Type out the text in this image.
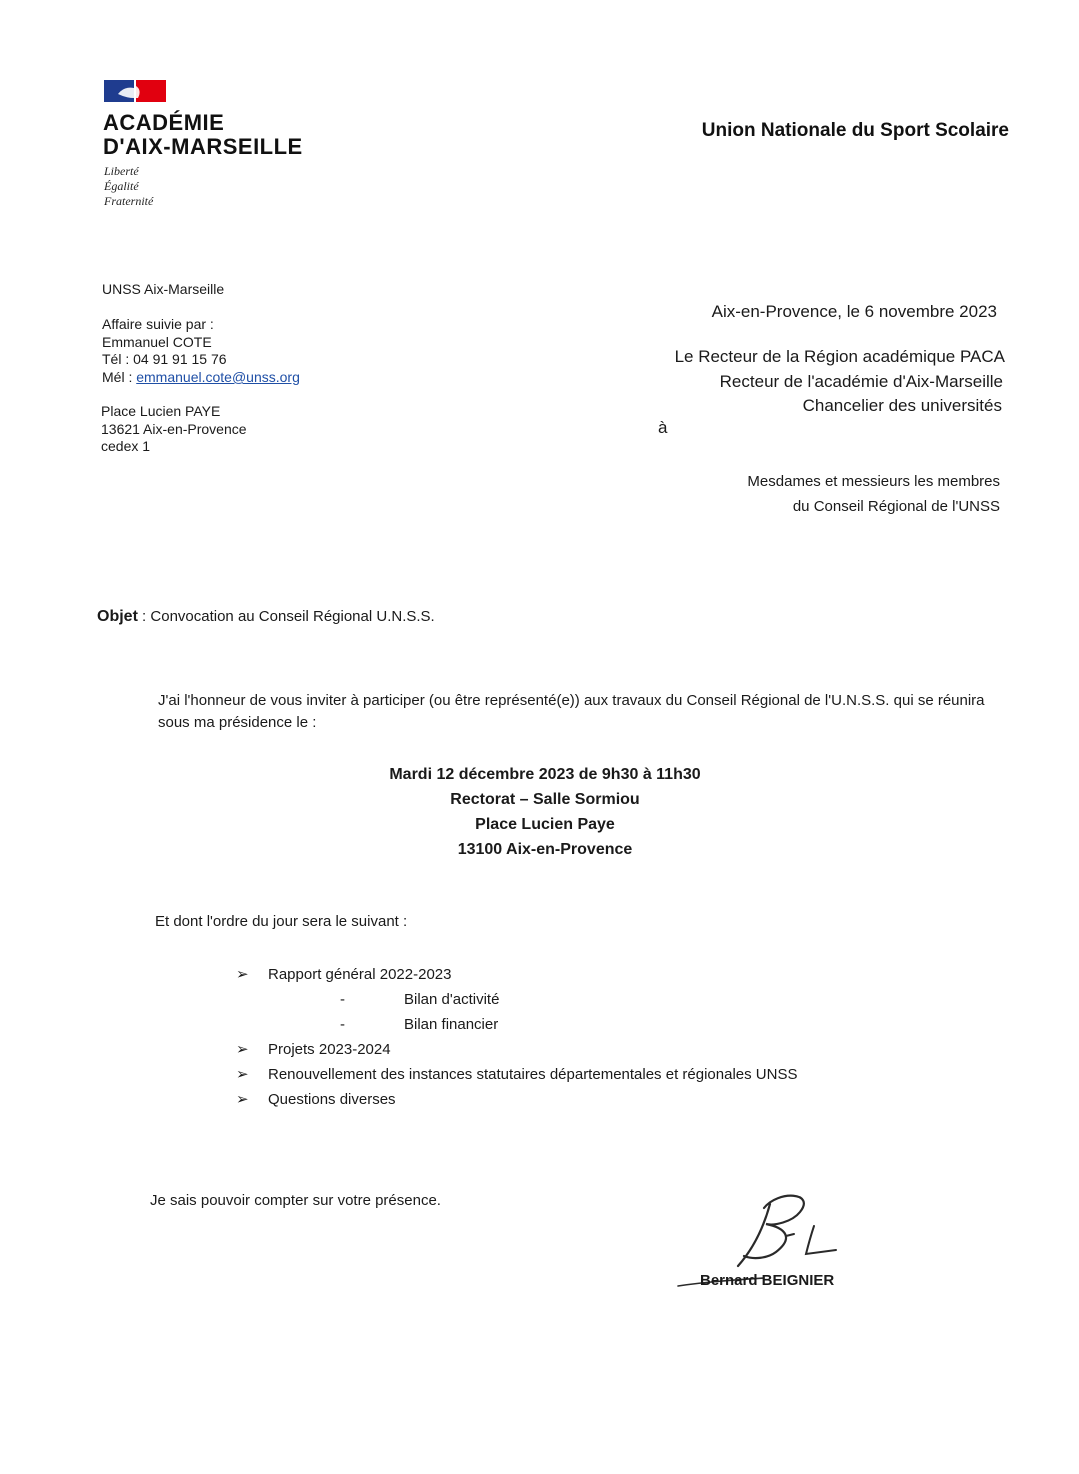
ACADÉMIE
D'AIX-MARSEILLE
Liberté
Égalité
Fraternité
Union Nationale du Sport Scolaire
UNSS Aix-Marseille
Affaire suivie par :
Emmanuel COTE
Tél : 04 91 91 15 76
Mél : emmanuel.cote@unss.org
Place Lucien PAYE
13621 Aix-en-Provence
cedex 1
Aix-en-Provence, le 6 novembre 2023
Le Recteur de la Région académique PACA
Recteur de l'académie d'Aix-Marseille
Chancelier des universités
à
Mesdames et messieurs les membres
du Conseil Régional de l'UNSS
Objet : Convocation au Conseil Régional U.N.S.S.
J'ai l'honneur de vous inviter à participer (ou être représenté(e)) aux travaux du Conseil Régional de l'U.N.S.S. qui se réunira sous ma présidence le :
Mardi 12 décembre 2023 de 9h30 à 11h30
Rectorat – Salle Sormiou
Place Lucien Paye
13100 Aix-en-Provence
Et dont l'ordre du jour sera le suivant :
➢	Rapport général 2022-2023
-	Bilan d'activité
-	Bilan financier
➢	Projets 2023-2024
➢	Renouvellement des instances statutaires départementales et régionales UNSS
➢	Questions diverses
Je sais pouvoir compter sur votre présence.
Bernard BEIGNIER
